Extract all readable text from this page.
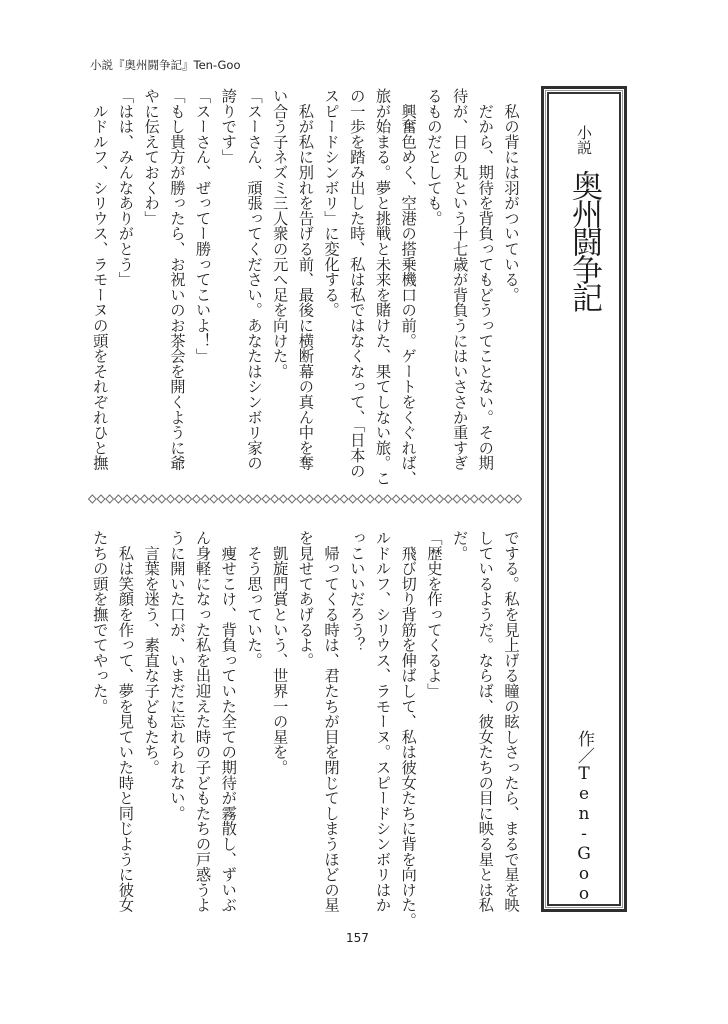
小説『奥州闘争記』Ten-Goo
小説
奥州闘争記
作／Ten-Goo
　私の背には羽がついている。
　だから、期待を背負ってもどうってことない。その期
待が、日の丸という十七歳が背負うにはいささか重すぎ
るものだとしても。
　興奮色めく、空港の搭乗機口の前。ゲートをくぐれば、
旅が始まる。夢と挑戦と未来を賭けた、果てしない旅。こ
の一歩を踏み出した時、私は私ではなくなって、「日本の
スピードシンボリ」に変化する。
　私が私に別れを告げる前、最後に横断幕の真ん中を奪
い合う子ネズミ三人衆の元へ足を向けた。
「スーさん、頑張ってください。あなたはシンボリ家の
誇りです」
「スーさん、ぜってー勝ってこいよ！」
「もし貴方が勝ったら、お祝いのお茶会を開くように爺
やに伝えておくわ」
「はは、みんなありがとう」
　ルドルフ、シリウス、ラモーヌの頭をそれぞれひと撫
でする。私を見上げる瞳の眩しさったら、まるで星を映
しているようだ。ならば、彼女たちの目に映る星とは私
だ。
「歴史を作ってくるよ」
　飛び切り背筋を伸ばして、私は彼女たちに背を向けた。
ルドルフ、シリウス、ラモーヌ。スピードシンボリはか
っこいいだろう？
　帰ってくる時は、君たちが目を閉じてしまうほどの星
を見せてあげるよ。
　凱旋門賞という、世界一の星を。
　そう思っていた。
　痩せこけ、背負っていた全ての期待が霧散し、ずいぶ
ん身軽になった私を出迎えた時の子どもたちの戸惑うよ
うに開いた口が、いまだに忘れられない。
　言葉を迷う、素直な子どもたち。
　私は笑顔を作って、夢を見ていた時と同じように彼女
たちの頭を撫でてやった。
157
